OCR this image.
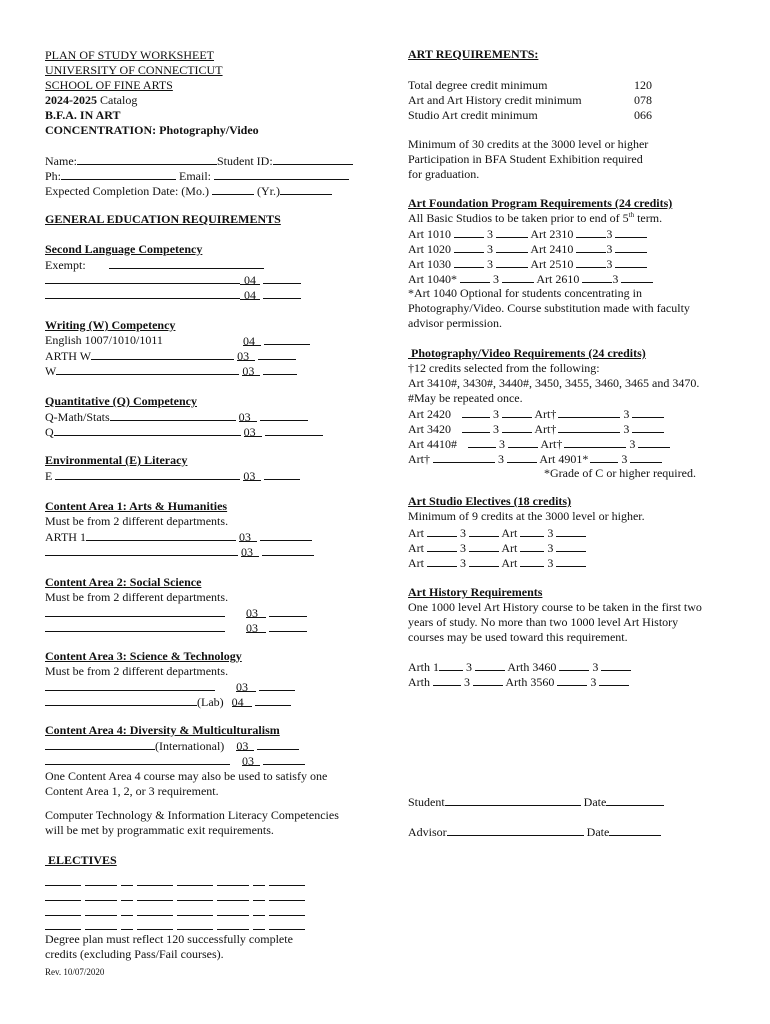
PLAN OF STUDY WORKSHEET
UNIVERSITY OF CONNECTICUT
SCHOOL OF FINE ARTS
2024-2025 Catalog
B.F.A. IN ART
CONCENTRATION: Photography/Video
Name:	Student ID:
Ph:	Email:
Expected Completion Date: (Mo.)	(Yr.)
GENERAL EDUCATION REQUIREMENTS
Second Language Competency
Exempt:
04
04
Writing (W) Competency
English 1007/1010/1011	04
ARTH W	03
W	03
Quantitative (Q) Competency
Q-Math/Stats	03
Q	03
Environmental (E) Literacy
E	03
Content Area 1: Arts & Humanities
Must be from 2 different departments.
ARTH 1	03
03
Content Area 2: Social Science
Must be from 2 different departments.
03
03
Content Area 3: Science & Technology
Must be from 2 different departments.
03
(Lab) 04
Content Area 4: Diversity & Multiculturalism
(International) 03
03
One Content Area 4 course may also be used to satisfy one
Content Area 1, 2, or 3 requirement.
Computer Technology & Information Literacy Competencies
will be met by programmatic exit requirements.
ELECTIVES
Degree plan must reflect 120 successfully complete
credits (excluding Pass/Fail courses).
Rev. 10/07/2020
ART REQUIREMENTS:
Total degree credit minimum	120
Art and Art History credit minimum	078
Studio Art credit minimum	066
Minimum of 30 credits at the 3000 level or higher
Participation in BFA Student Exhibition required
for graduation.
Art Foundation Program Requirements (24 credits)
All Basic Studios to be taken prior to end of 5th term.
Art 1010	3	Art 2310	3
Art 1020	3	Art 2410	3
Art 1030	3	Art 2510	3
Art 1040*	3	Art 2610	3
*Art 1040 Optional for students concentrating in
Photography/Video. Course substitution made with faculty
advisor permission.
Photography/Video Requirements (24 credits)
†12 credits selected from the following:
Art 3410#, 3430#, 3440#, 3450, 3455, 3460, 3465 and 3470.
#May be repeated once.
Art 2420	3	Art†	3
Art 3420	3	Art†	3
Art 4410#	3	Art†	3
Art†	3	Art 4901*	3
*Grade of C or higher required.
Art Studio Electives (18 credits)
Minimum of 9 credits at the 3000 level or higher.
Art	3	Art	3
Art	3	Art	3
Art	3	Art	3
Art History Requirements
One 1000 level Art History course to be taken in the first two
years of study. No more than two 1000 level Art History
courses may be used toward this requirement.
Arth 1 3	Arth 3460	3
Arth	3	Arth 3560	3
Student	Date
Advisor	Date
